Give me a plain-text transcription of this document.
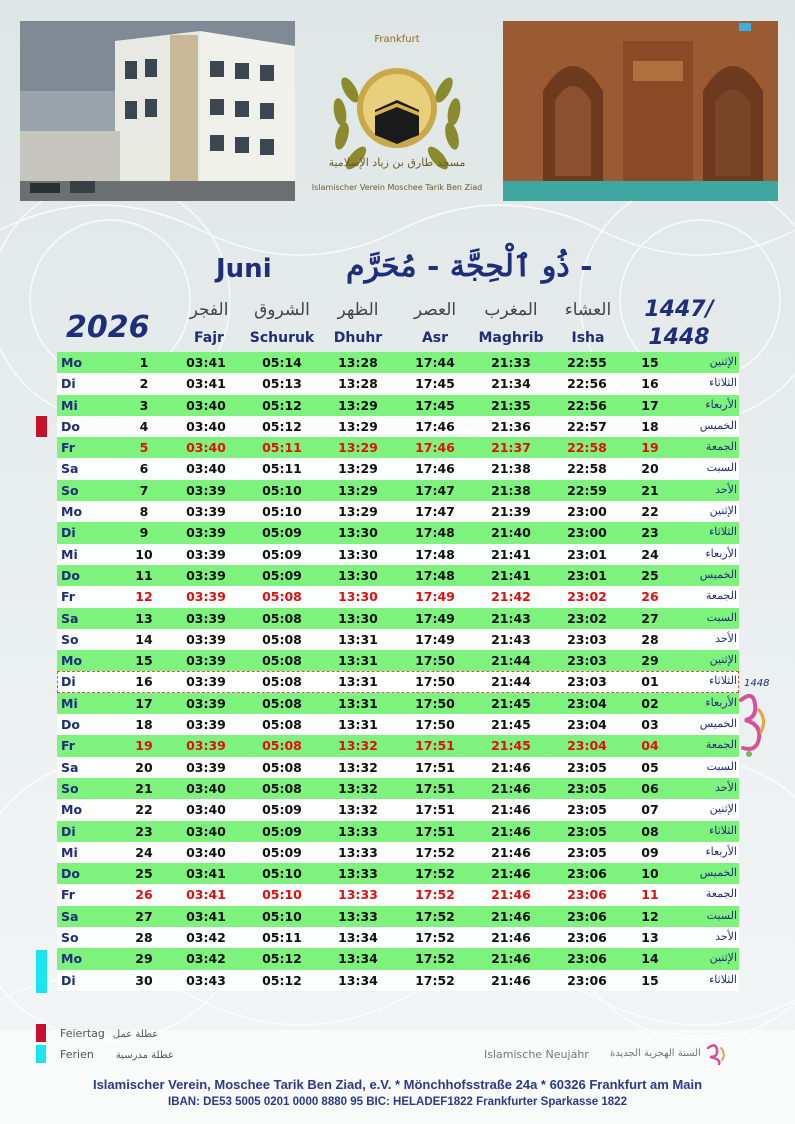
Frankfurt
مسجد طارق بن زياد الإسلامية
Islamischer Verein Moschee Tarik Ben Ziad
Juni ذُو ٱلْحِجَّة - مُحَرَّم -
2026
1447/
1448
الفجر
Fajr
الشروق
Schuruk
الظهر
Dhuhr
العصر
Asr
المغرب
Maghrib
العشاء
Isha
Mo	1	03:41	05:14	13:28	17:44	21:33	22:55	15	الإثنين
Di	2	03:41	05:13	13:28	17:45	21:34	22:56	16	الثلاثاء
Mi	3	03:40	05:12	13:29	17:45	21:35	22:56	17	الأربعاء
Do	4	03:40	05:12	13:29	17:46	21:36	22:57	18	الخميس
Fr	5	03:40	05:11	13:29	17:46	21:37	22:58	19	الجمعة
Sa	6	03:40	05:11	13:29	17:46	21:38	22:58	20	السبت
So	7	03:39	05:10	13:29	17:47	21:38	22:59	21	الأحد
Mo	8	03:39	05:10	13:29	17:47	21:39	23:00	22	الإثنين
Di	9	03:39	05:09	13:30	17:48	21:40	23:00	23	الثلاثاء
Mi	10	03:39	05:09	13:30	17:48	21:41	23:01	24	الأربعاء
Do	11	03:39	05:09	13:30	17:48	21:41	23:01	25	الخميس
Fr	12	03:39	05:08	13:30	17:49	21:42	23:02	26	الجمعة
Sa	13	03:39	05:08	13:30	17:49	21:43	23:02	27	السبت
So	14	03:39	05:08	13:31	17:49	21:43	23:03	28	الأحد
Mo	15	03:39	05:08	13:31	17:50	21:44	23:03	29	الإثنين
Di	16	03:39	05:08	13:31	17:50	21:44	23:03	01	الثلاثاء
Mi	17	03:39	05:08	13:31	17:50	21:45	23:04	02	الأربعاء
Do	18	03:39	05:08	13:31	17:50	21:45	23:04	03	الخميس
Fr	19	03:39	05:08	13:32	17:51	21:45	23:04	04	الجمعة
Sa	20	03:39	05:08	13:32	17:51	21:46	23:05	05	السبت
So	21	03:40	05:08	13:32	17:51	21:46	23:05	06	الأحد
Mo	22	03:40	05:09	13:32	17:51	21:46	23:05	07	الإثنين
Di	23	03:40	05:09	13:33	17:51	21:46	23:05	08	الثلاثاء
Mi	24	03:40	05:09	13:33	17:52	21:46	23:05	09	الأربعاء
Do	25	03:41	05:10	13:33	17:52	21:46	23:06	10	الخميس
Fr	26	03:41	05:10	13:33	17:52	21:46	23:06	11	الجمعة
Sa	27	03:41	05:10	13:33	17:52	21:46	23:06	12	السبت
So	28	03:42	05:11	13:34	17:52	21:46	23:06	13	الأحد
Mo	29	03:42	05:12	13:34	17:52	21:46	23:06	14	الإثنين
Di	30	03:43	05:12	13:34	17:52	21:46	23:06	15	الثلاثاء
1448
Feiertag عطلة عمل
Ferien عطلة مدرسية	Islamische Neujahr السنة الهجرية الجديدة
Islamischer Verein, Moschee Tarik Ben Ziad, e.V. * Mönchhofsstraße 24a * 60326 Frankfurt am Main
IBAN: DE53 5005 0201 0000 8880 95 BIC: HELADEF1822 Frankfurter Sparkasse 1822
